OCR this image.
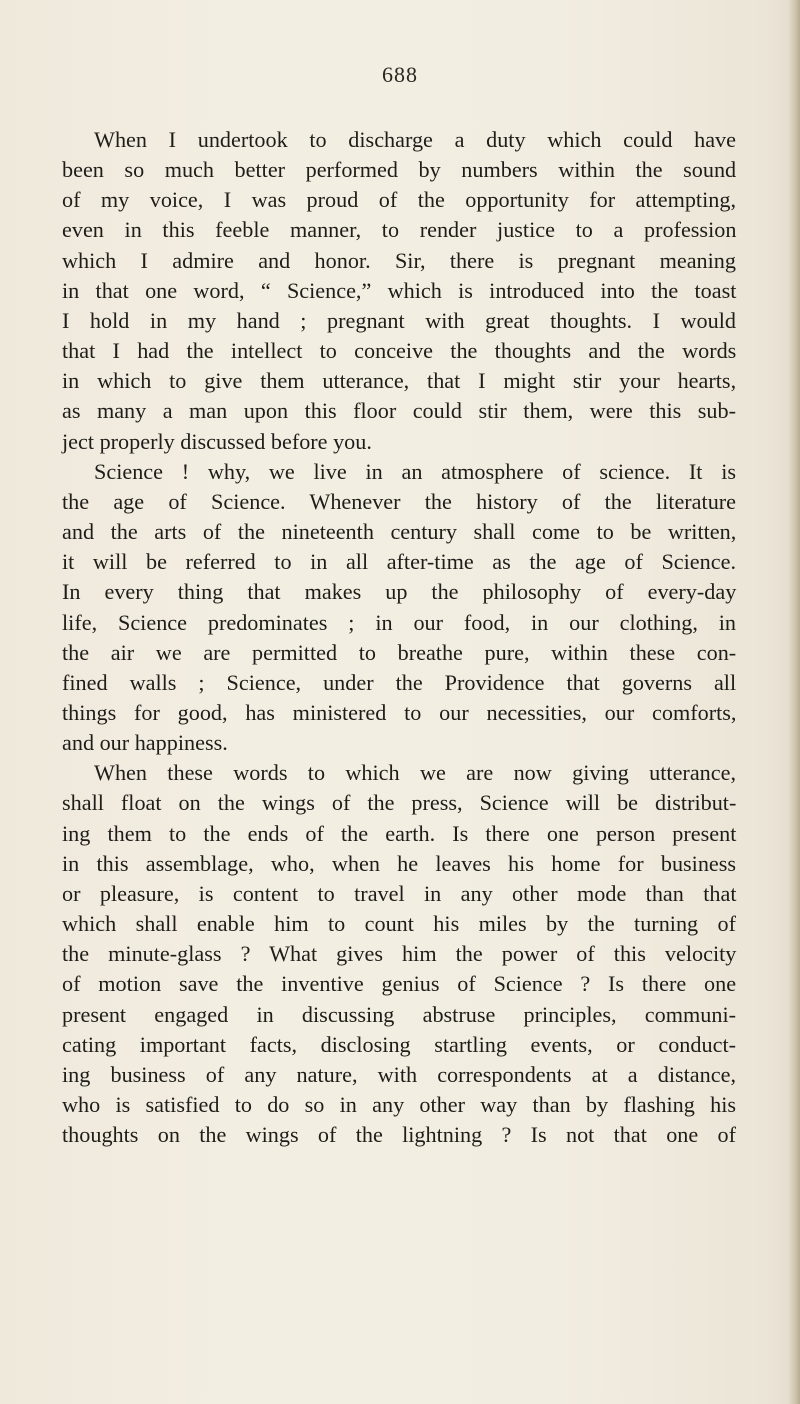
688

When I undertook to discharge a duty which could have
been so much better performed by numbers within the sound
of my voice, I was proud of the opportunity for attempting,
even in this feeble manner, to render justice to a profession
which I admire and honor. Sir, there is pregnant meaning
in that one word, “ Science,” which is introduced into the toast
I hold in my hand ; pregnant with great thoughts. I would
that I had the intellect to conceive the thoughts and the words
in which to give them utterance, that I might stir your hearts,
as many a man upon this floor could stir them, were this sub-
ject properly discussed before you.

Science ! why, we live in an atmosphere of science. It is
the age of Science. Whenever the history of the literature
and the arts of the nineteenth century shall come to be written,
it will be referred to in all after-time as the age of Science.
In every thing that makes up the philosophy of every-day
life, Science predominates ; in our food, in our clothing, in
the air we are permitted to breathe pure, within these con-
fined walls ; Science, under the Providence that governs all
things for good, has ministered to our necessities, our comforts,
and our happiness.

When these words to which we are now giving utterance,
shall float on the wings of the press, Science will be distribut-
ing them to the ends of the earth. Is there one person present
in this assemblage, who, when he leaves his home for business
or pleasure, is content to travel in any other mode than that
which shall enable him to count his miles by the turning of
the minute-glass ? What gives him the power of this velocity
of motion save the inventive genius of Science ? Is there one
present engaged in discussing abstruse principles, communi-
cating important facts, disclosing startling events, or conduct-
ing business of any nature, with correspondents at a distance,
who is satisfied to do so in any other way than by flashing his
thoughts on the wings of the lightning ? Is not that one of
